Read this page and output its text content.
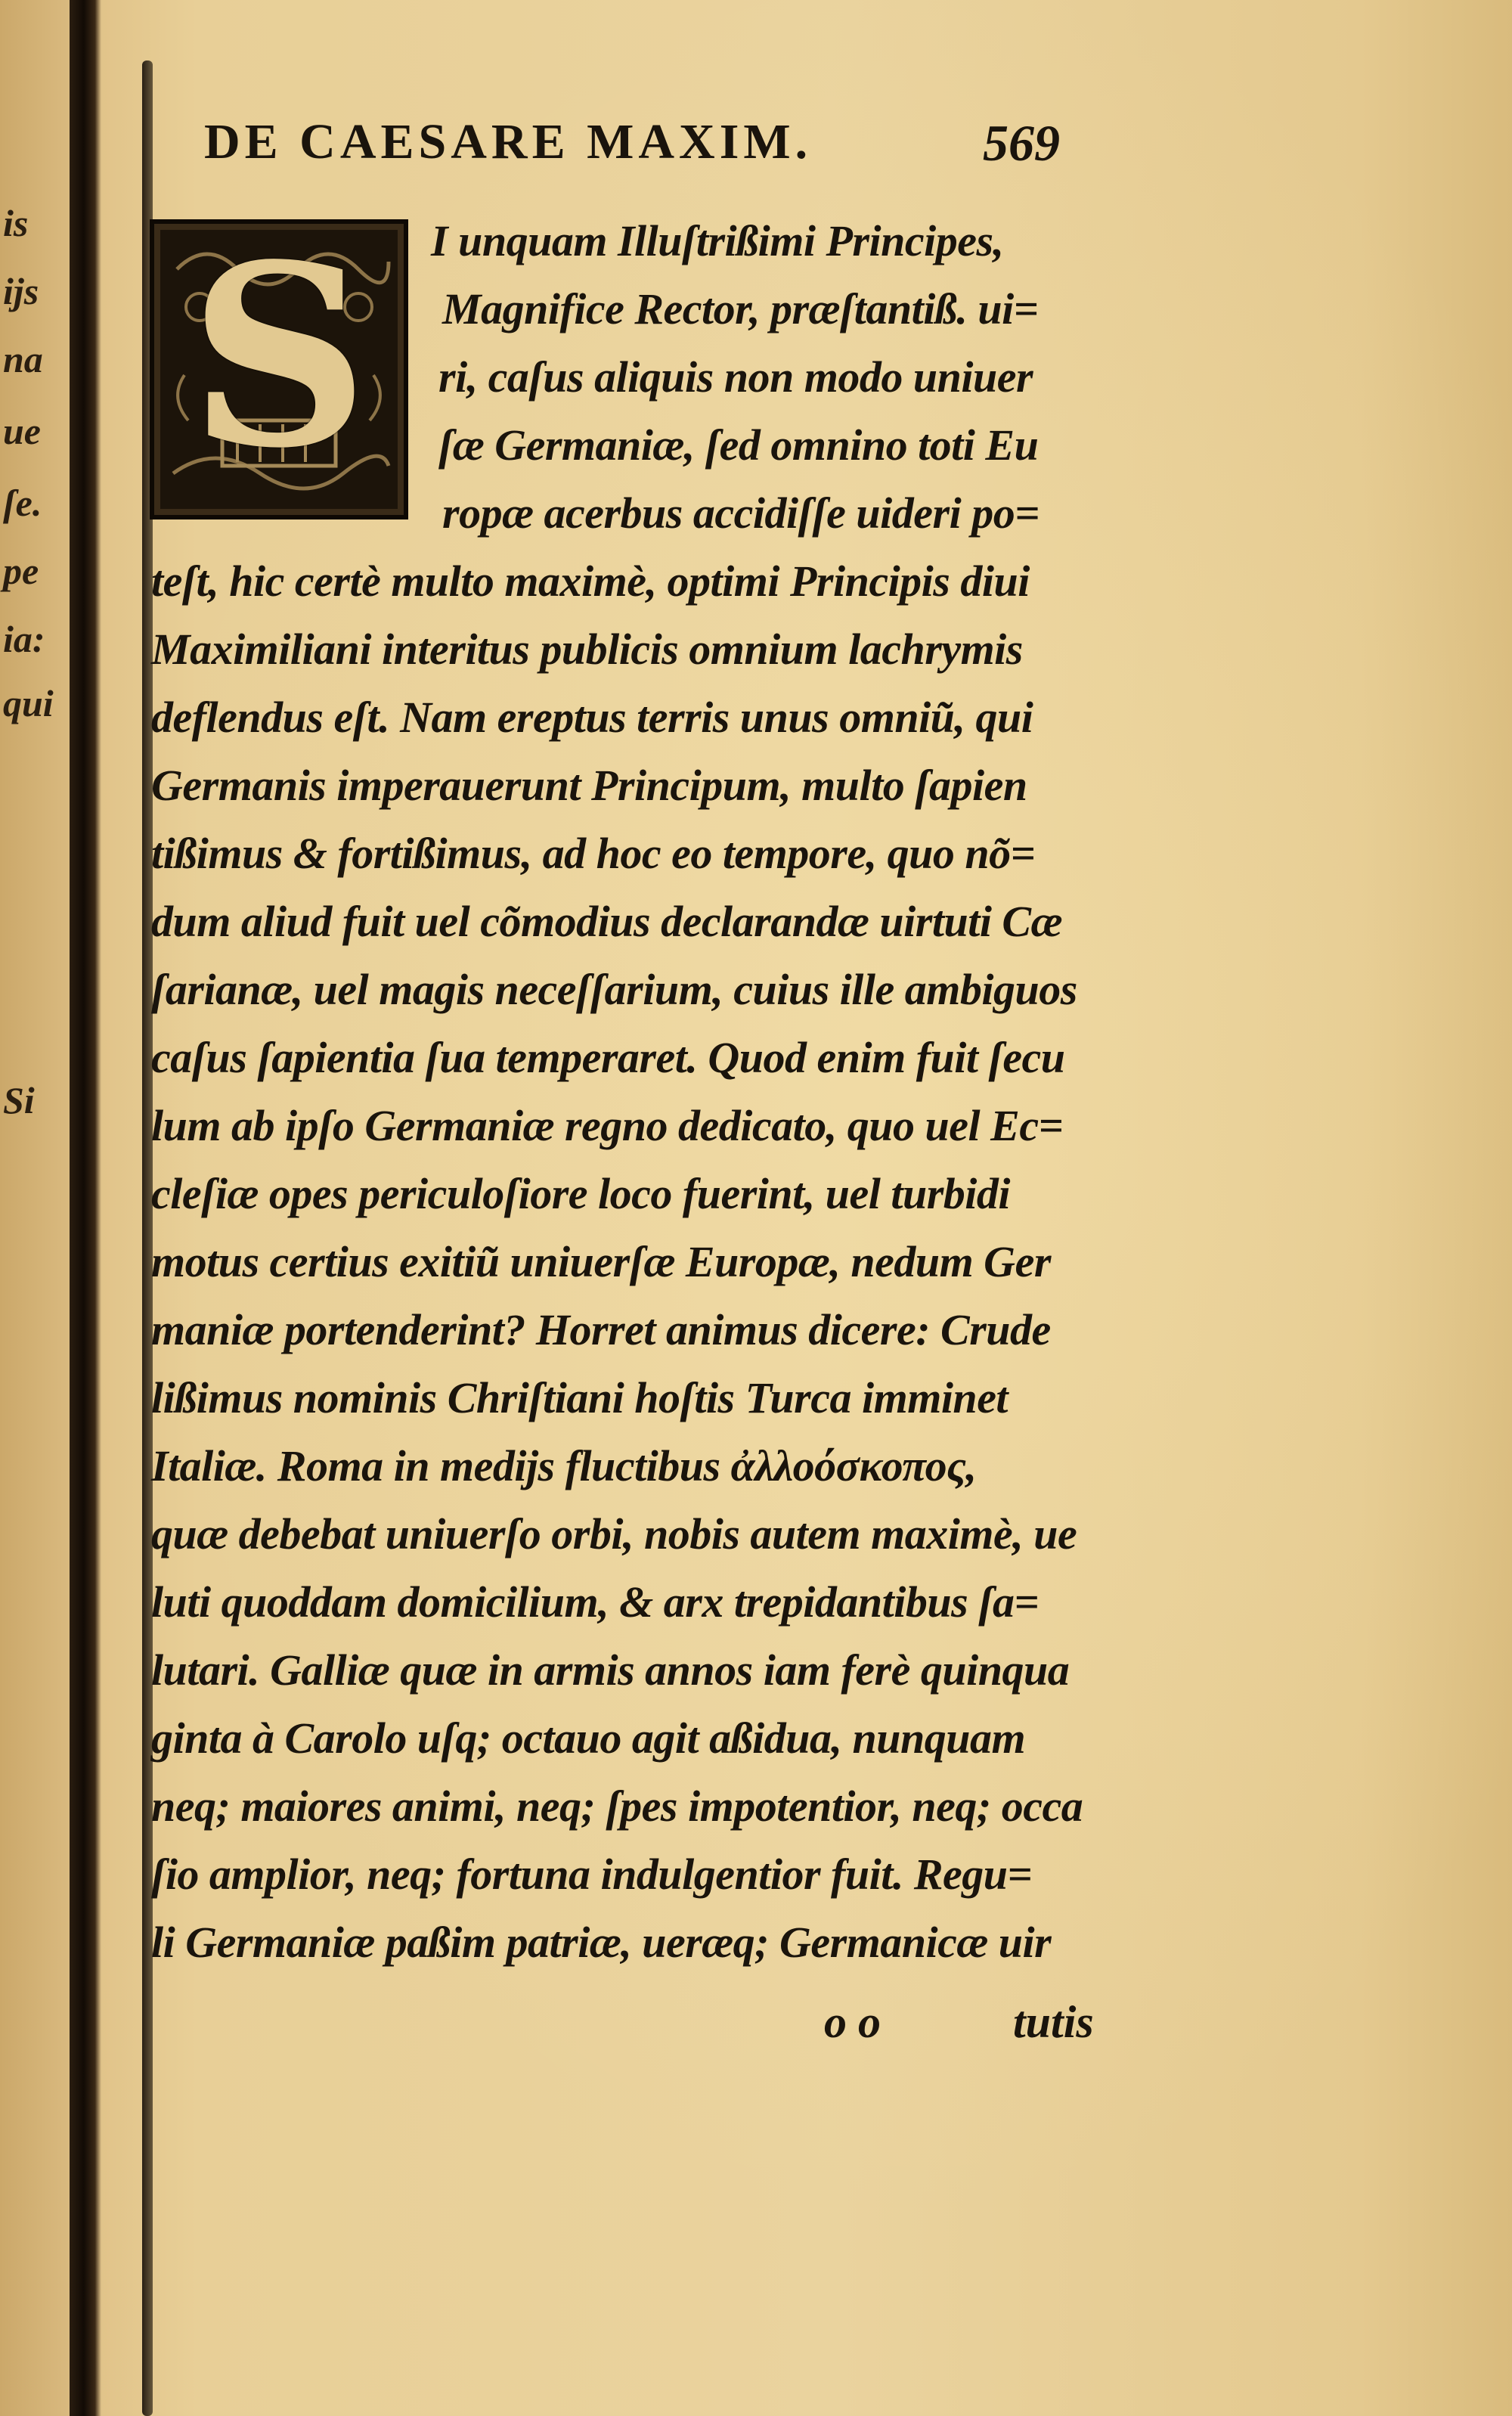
is
ijs
na
ue
ſe.
pe
ia:
qui
Si
DE CAESARE MAXIM.	569
S	I unquam Illuſtrißimi Principes,
Magnifice Rector, præſtantiß. ui=
ri, caſus aliquis non modo uniuer
ſæ Germaniæ, ſed omnino toti Eu
ropæ acerbus accidiſſe uideri po=
teſt, hic certè multo maximè, optimi Principis diui
Maximiliani interitus publicis omnium lachrymis
deflendus eſt. Nam ereptus terris unus omniũ, qui
Germanis imperauerunt Principum, multo ſapien
tißimus & fortißimus, ad hoc eo tempore, quo nõ=
dum aliud fuit uel cõmodius declarandæ uirtuti Cæ
ſarianæ, uel magis neceſſarium, cuius ille ambiguos
caſus ſapientia ſua temperaret. Quod enim fuit ſecu
lum ab ipſo Germaniæ regno dedicato, quo uel Ec=
cleſiæ opes periculoſiore loco fuerint, uel turbidi
motus certius exitiũ uniuerſæ Europæ, nedum Ger
maniæ portenderint? Horret animus dicere: Crude
lißimus nominis Chriſtiani hoſtis Turca imminet
Italiæ. Roma in medijs fluctibus ἀλλοόσκοπος,
quæ debebat uniuerſo orbi, nobis autem maximè, ue
luti quoddam domicilium, & arx trepidantibus ſa=
lutari. Galliæ quæ in armis annos iam ferè quinqua
ginta à Carolo uſq; octauo agit aßidua, nunquam
neq; maiores animi, neq; ſpes impotentior, neq; occa
ſio amplior, neq; fortuna indulgentior fuit. Regu=
li Germaniæ paßim patriæ, ueræq; Germanicæ uir
o o	tutis
